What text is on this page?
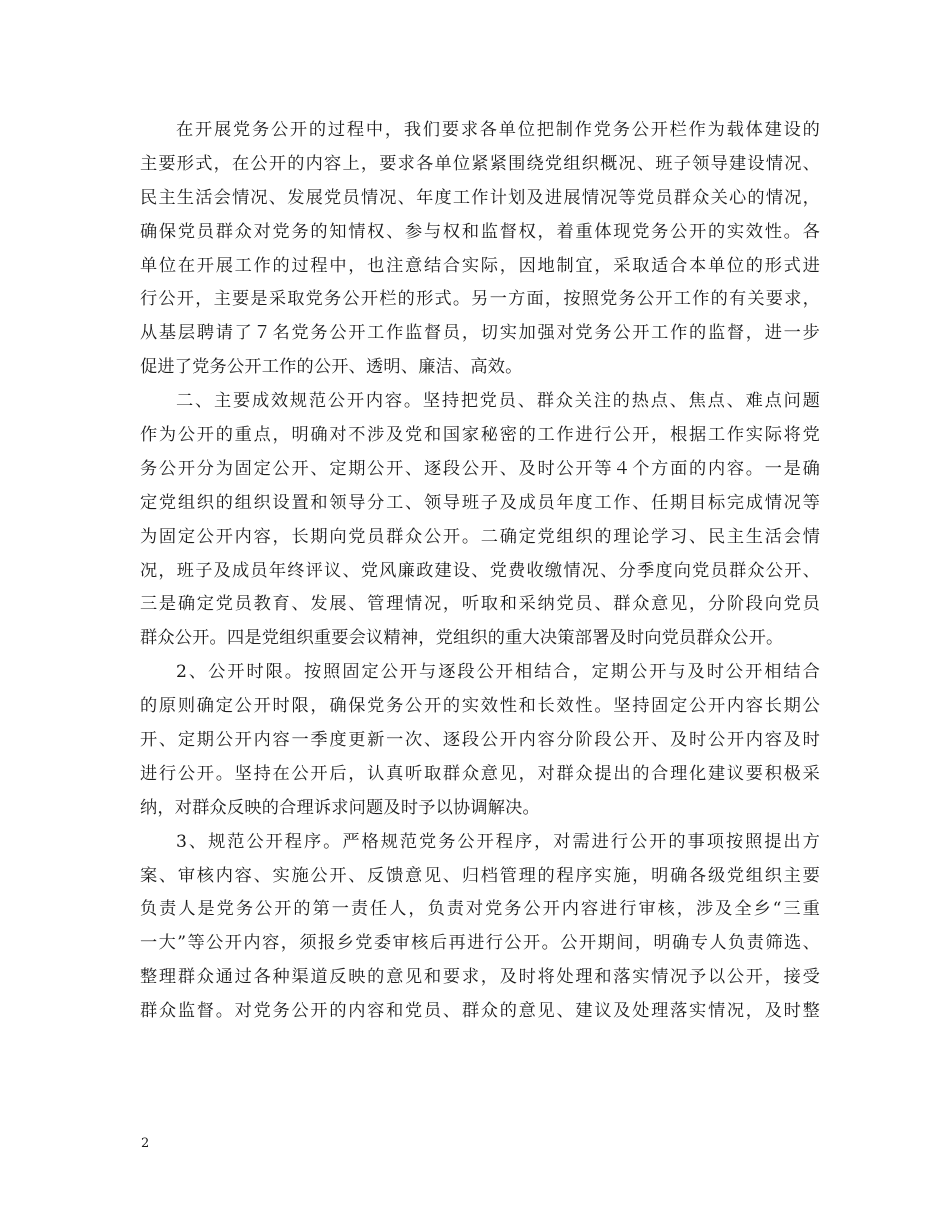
在开展党务公开的过程中，我们要求各单位把制作党务公开栏作为载体建设的
主要形式，在公开的内容上，要求各单位紧紧围绕党组织概况、班子领导建设情况、
民主生活会情况、发展党员情况、年度工作计划及进展情况等党员群众关心的情况，
确保党员群众对党务的知情权、参与权和监督权，着重体现党务公开的实效性。各
单位在开展工作的过程中，也注意结合实际，因地制宜，采取适合本单位的形式进
行公开，主要是采取党务公开栏的形式。另一方面，按照党务公开工作的有关要求，
从基层聘请了７名党务公开工作监督员，切实加强对党务公开工作的监督，进一步
促进了党务公开工作的公开、透明、廉洁、高效。
二、主要成效规范公开内容。坚持把党员、群众关注的热点、焦点、难点问题
作为公开的重点，明确对不涉及党和国家秘密的工作进行公开，根据工作实际将党
务公开分为固定公开、定期公开、逐段公开、及时公开等４个方面的内容。一是确
定党组织的组织设置和领导分工、领导班子及成员年度工作、任期目标完成情况等
为固定公开内容，长期向党员群众公开。二确定党组织的理论学习、民主生活会情
况，班子及成员年终评议、党风廉政建设、党费收缴情况、分季度向党员群众公开、
三是确定党员教育、发展、管理情况，听取和采纳党员、群众意见，分阶段向党员
群众公开。四是党组织重要会议精神，党组织的重大决策部署及时向党员群众公开。
2、公开时限。按照固定公开与逐段公开相结合，定期公开与及时公开相结合
的原则确定公开时限，确保党务公开的实效性和长效性。坚持固定公开内容长期公
开、定期公开内容一季度更新一次、逐段公开内容分阶段公开、及时公开内容及时
进行公开。坚持在公开后，认真听取群众意见，对群众提出的合理化建议要积极采
纳，对群众反映的合理诉求问题及时予以协调解决。
3、规范公开程序。严格规范党务公开程序，对需进行公开的事项按照提出方
案、审核内容、实施公开、反馈意见、归档管理的程序实施，明确各级党组织主要
负责人是党务公开的第一责任人，负责对党务公开内容进行审核，涉及全乡“三重
一大”等公开内容，须报乡党委审核后再进行公开。公开期间，明确专人负责筛选、
整理群众通过各种渠道反映的意见和要求，及时将处理和落实情况予以公开，接受
群众监督。对党务公开的内容和党员、群众的意见、建议及处理落实情况，及时整
2
